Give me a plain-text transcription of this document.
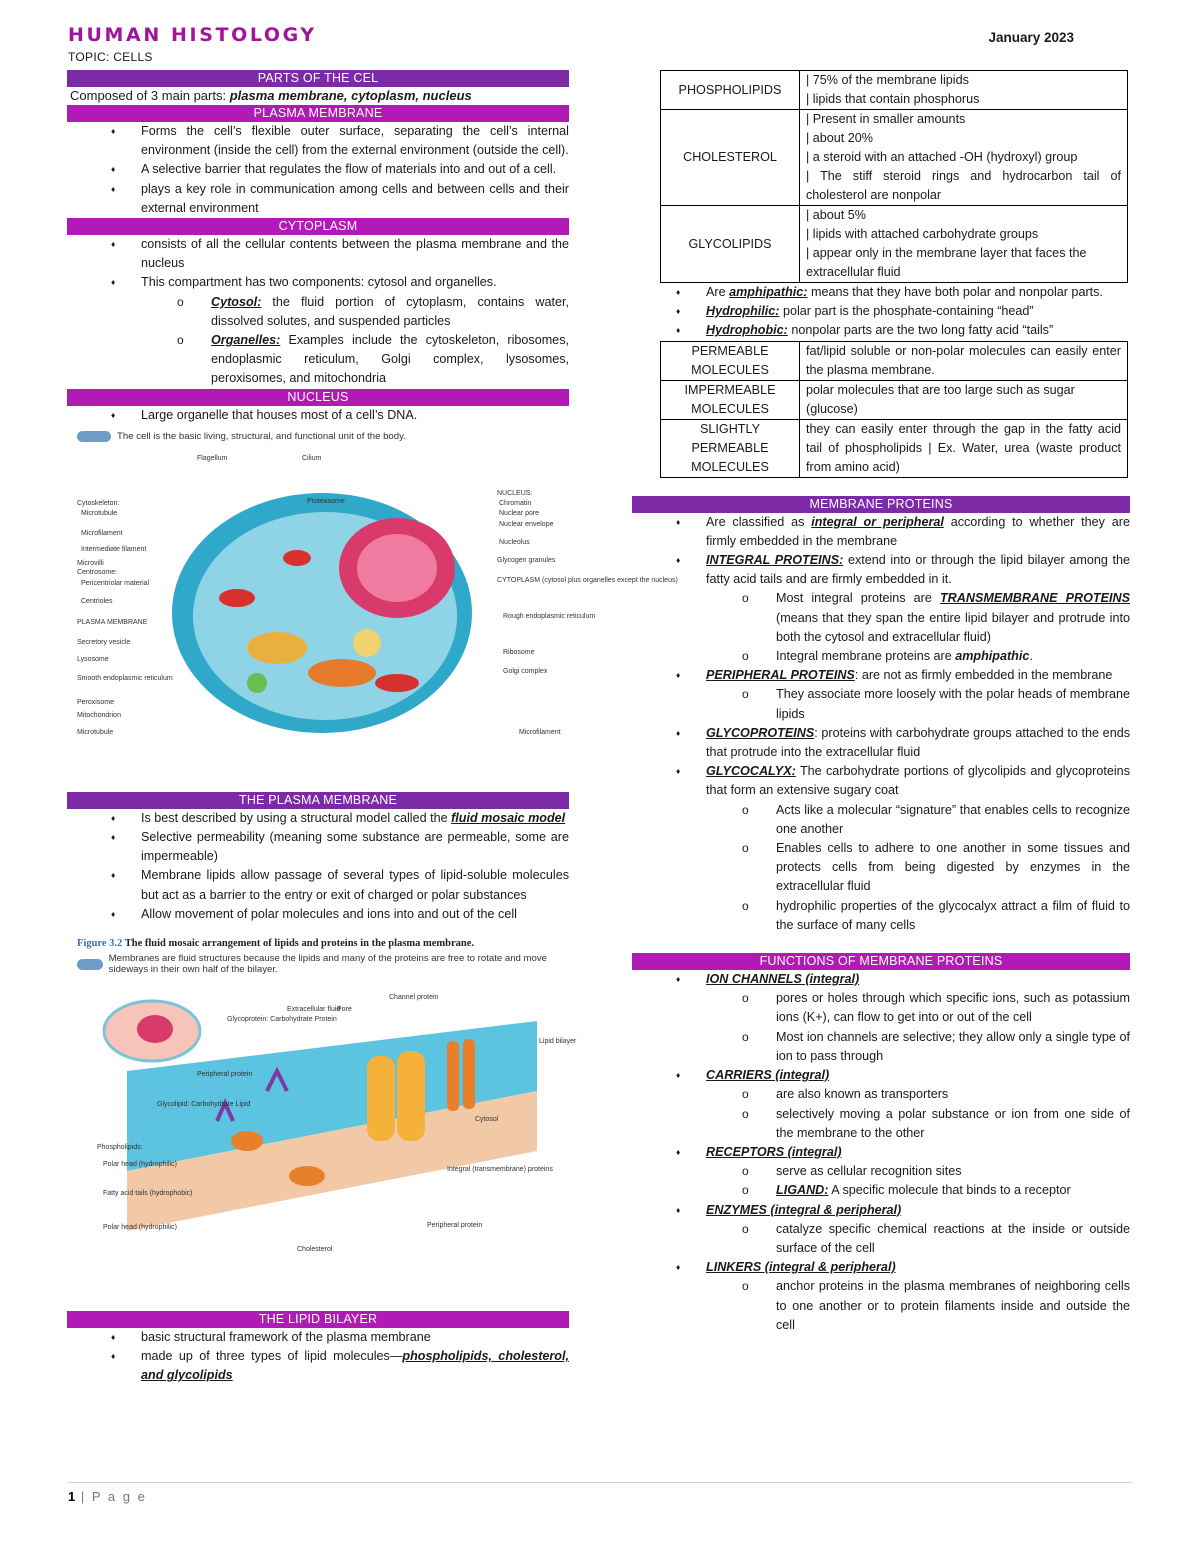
HUMAN HISTOLOGY
TOPIC: CELLS
January 2023
PARTS OF THE CEL
Composed of 3 main parts: plasma membrane, cytoplasm, nucleus
PLASMA MEMBRANE
♦ Forms the cell’s flexible outer surface, separating the cell’s internal environment (inside the cell) from the external environment (outside the cell).
♦ A selective barrier that regulates the flow of materials into and out of a cell.
♦ plays a key role in communication among cells and between cells and their external environment
CYTOPLASM
♦ consists of all the cellular contents between the plasma membrane and the nucleus
♦ This compartment has two components: cytosol and organelles.
o Cytosol: the fluid portion of cytoplasm, contains water, dissolved solutes, and suspended particles
o Organelles: Examples include the cytoskeleton, ribosomes, endoplasmic reticulum, Golgi complex, lysosomes, peroxisomes, and mitochondria
NUCLEUS
♦ Large organelle that houses most of a cell’s DNA.
The cell is the basic living, structural, and functional unit of the body.
Flagellum	Cilium
Proteasome
Cytoskeleton:
Microtubule
Microfilament
Intermediate filament
Microvilli
Centrosome:
Pericentriolar material
Centrioles
PLASMA MEMBRANE
Secretory vesicle
Lysosome
Smooth endoplasmic reticulum
Peroxisome
Mitochondrion
Microtubule
NUCLEUS:
Chromatin
Nuclear pore
Nuclear envelope
Nucleolus
Glycogen granules
CYTOPLASM (cytosol plus organelles except the nucleus)
Rough endoplasmic reticulum
Ribosome
Golgi complex
Microfilament
THE PLASMA MEMBRANE
♦ Is best described by using a structural model called the fluid mosaic model
♦ Selective permeability (meaning some substance are permeable, some are impermeable)
♦ Membrane lipids allow passage of several types of lipid-soluble molecules but act as a barrier to the entry or exit of charged or polar substances
♦ Allow movement of polar molecules and ions into and out of the cell
Figure 3.2 The fluid mosaic arrangement of lipids and proteins in the plasma membrane.
Membranes are fluid structures because the lipids and many of the proteins are free to rotate and move sideways in their own half of the bilayer.
Channel protein
Pore
Extracellular fluid
Glycoprotein: Carbohydrate Protein
Lipid bilayer
Peripheral protein
Glycolipid: Carbohydrate Lipid
Cytosol
Phospholipids:
Polar head (hydrophilic)
Fatty acid tails (hydrophobic)
Polar head (hydrophilic)
Integral (transmembrane) proteins
Peripheral protein
Cholesterol
THE LIPID BILAYER
♦ basic structural framework of the plasma membrane
♦ made up of three types of lipid molecules—phospholipids, cholesterol, and glycolipids
PHOSPHOLIPIDS	| 75% of the membrane lipids
| lipids that contain phosphorus

CHOLESTEROL	| Present in smaller amounts
| about 20%
| a steroid with an attached -OH (hydroxyl) group
| The stiff steroid rings and hydrocarbon tail of cholesterol are nonpolar

GLYCOLIPIDS	| about 5%
| lipids with attached carbohydrate groups
| appear only in the membrane layer that faces the extracellular fluid
♦ Are amphipathic: means that they have both polar and nonpolar parts.
♦ Hydrophilic: polar part is the phosphate-containing “head”
♦ Hydrophobic: nonpolar parts are the two long fatty acid “tails”
PERMEABLE MOLECULES	fat/lipid soluble or non-polar molecules can easily enter the plasma membrane.
IMPERMEABLE MOLECULES	polar molecules that are too large such as sugar (glucose)
SLIGHTLY PERMEABLE MOLECULES	they can easily enter through the gap in the fatty acid tail of phospholipids | Ex. Water, urea (waste product from amino acid)
MEMBRANE PROTEINS
♦ Are classified as integral or peripheral according to whether they are firmly embedded in the membrane
♦ INTEGRAL PROTEINS: extend into or through the lipid bilayer among the fatty acid tails and are firmly embedded in it.
o Most integral proteins are TRANSMEMBRANE PROTEINS (means that they span the entire lipid bilayer and protrude into both the cytosol and extracellular fluid)
o Integral membrane proteins are amphipathic.
♦ PERIPHERAL PROTEINS: are not as firmly embedded in the membrane
o They associate more loosely with the polar heads of membrane lipids
♦ GLYCOPROTEINS: proteins with carbohydrate groups attached to the ends that protrude into the extracellular fluid
♦ GLYCOCALYX: The carbohydrate portions of glycolipids and glycoproteins that form an extensive sugary coat
o Acts like a molecular “signature” that enables cells to recognize one another
o Enables cells to adhere to one another in some tissues and protects cells from being digested by enzymes in the extracellular fluid
o hydrophilic properties of the glycocalyx attract a film of fluid to the surface of many cells
FUNCTIONS OF MEMBRANE PROTEINS
♦ ION CHANNELS (integral)
o pores or holes through which specific ions, such as potassium ions (K+), can flow to get into or out of the cell
o Most ion channels are selective; they allow only a single type of ion to pass through
♦ CARRIERS (integral)
o are also known as transporters
o selectively moving a polar substance or ion from one side of the membrane to the other
♦ RECEPTORS (integral)
o serve as cellular recognition sites
o LIGAND: A specific molecule that binds to a receptor
♦ ENZYMES (integral & peripheral)
o catalyze specific chemical reactions at the inside or outside surface of the cell
♦ LINKERS (integral & peripheral)
o anchor proteins in the plasma membranes of neighboring cells to one another or to protein filaments inside and outside the cell
1 | P a g e
